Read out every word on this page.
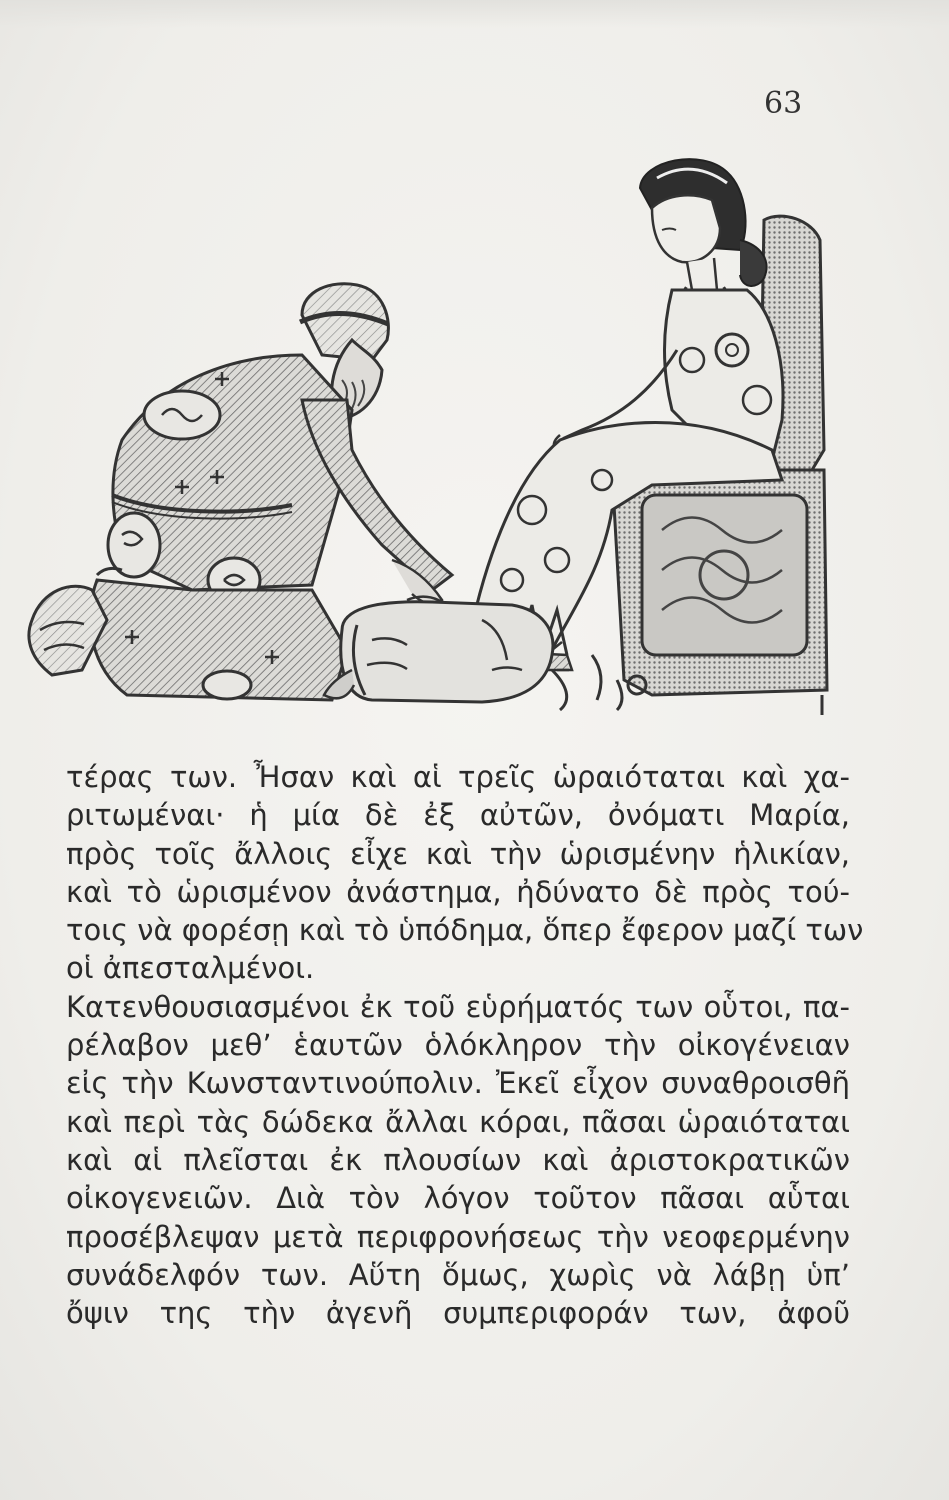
63

τέρας των. Ἦσαν καὶ αἱ τρεῖς ὡραιόταται καὶ χα-
ριτωμέναι· ἡ μία δὲ ἐξ αὐτῶν, ὀνόματι Μαρία,
πρὸς τοῖς ἄλλοις εἶχε καὶ τὴν ὡρισμένην ἡλικίαν,
καὶ τὸ ὡρισμένον ἀνάστημα, ἠδύνατο δὲ πρὸς τού-
τοις νὰ φορέσῃ καὶ τὸ ὑπόδημα, ὅπερ ἔφερον μαζί των
οἱ ἀπεσταλμένοι.

Κατενθουσιασμένοι ἐκ τοῦ εὑρήματός των οὗτοι, πα-
ρέλαβον μεθ’ ἑαυτῶν ὁλόκληρον τὴν οἰκογένειαν
εἰς τὴν Κωνσταντινούπολιν. Ἐκεῖ εἶχον συναθροισθῆ
καὶ περὶ τὰς δώδεκα ἄλλαι κόραι, πᾶσαι ὡραιόταται
καὶ αἱ πλεῖσται ἐκ πλουσίων καὶ ἀριστοκρατικῶν
οἰκογενειῶν. Διὰ τὸν λόγον τοῦτον πᾶσαι αὗται
προσέβλεψαν μετὰ περιφρονήσεως τὴν νεοφερμένην
συνάδελφόν των. Αὕτη ὅμως, χωρὶς νὰ λάβῃ ὑπ’
ὄψιν της τὴν ἀγενῆ συμπεριφοράν των, ἀφοῦ
